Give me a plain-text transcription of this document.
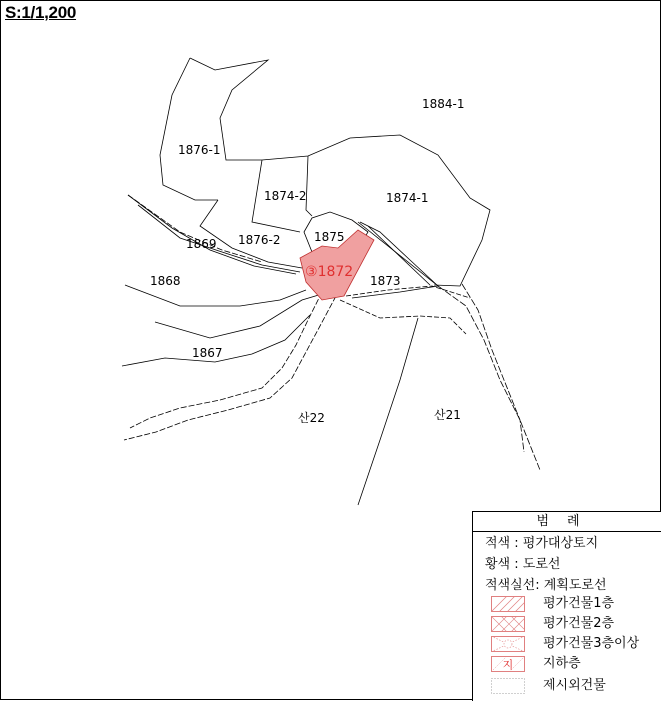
S:1/1,200
1884-1
1876-1
1874-2	1874-1
1869 1876-2	1875
1873
1868
1867
산22	산21
③1872
범례
적색 : 평가대상토지
황색 : 도로선
적색실선: 계획도로선
평가건물1층
평가건물2층
평가건물3층이상
지 지하층
제시외건물
